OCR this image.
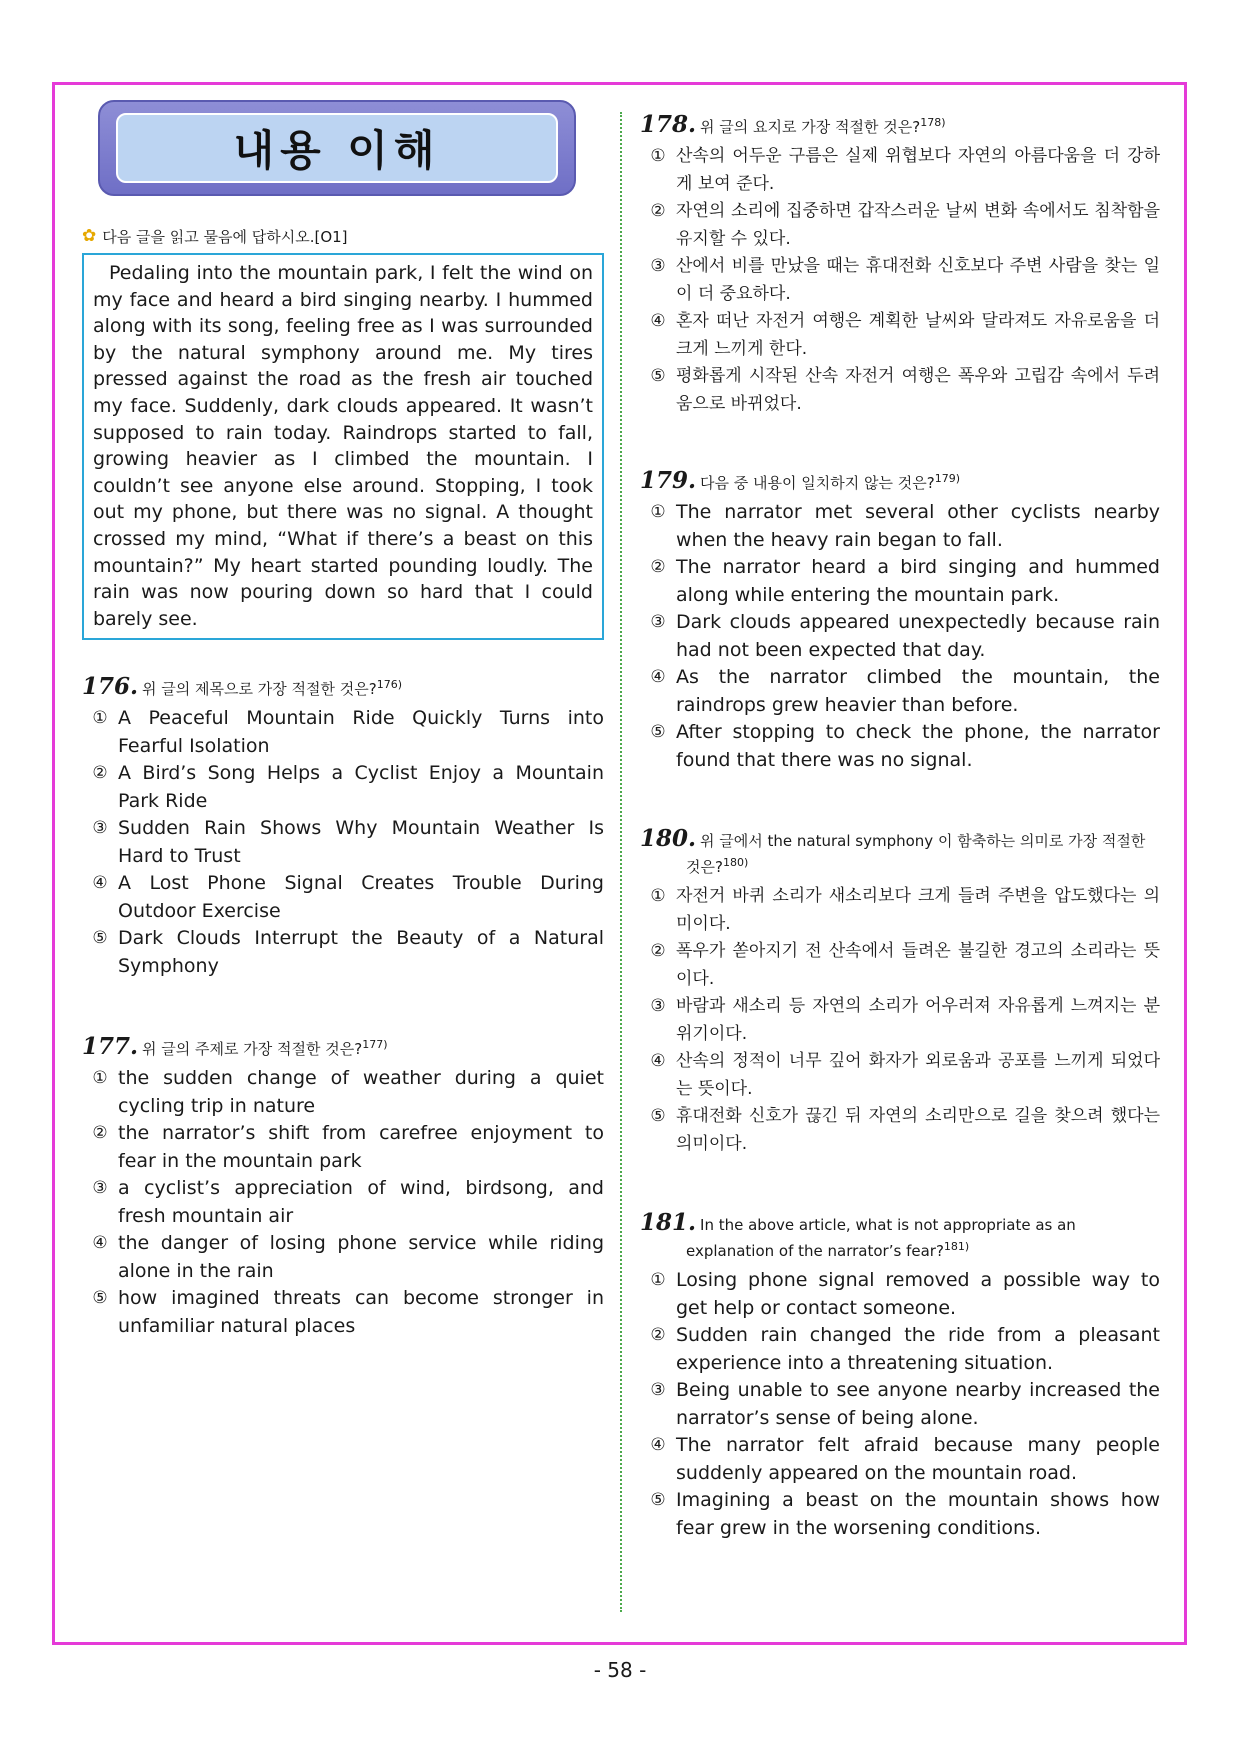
내용 이해
✿ 다음 글을 읽고 물음에 답하시오.[O1]

Pedaling into the mountain park, I felt the wind on my face and heard a bird singing nearby. I hummed along with its song, feeling free as I was surrounded by the natural symphony around me. My tires pressed against the road as the fresh air touched my face. Suddenly, dark clouds appeared. It wasn’t supposed to rain today. Raindrops started to fall, growing heavier as I climbed the mountain. I couldn’t see anyone else around. Stopping, I took out my phone, but there was no signal. A thought crossed my mind, “What if there’s a beast on this mountain?” My heart started pounding loudly. The rain was now pouring down so hard that I could barely see.

176. 위 글의 제목으로 가장 적절한 것은?$^{176)}$
① A Peaceful Mountain Ride Quickly Turns into Fearful Isolation
② A Bird’s Song Helps a Cyclist Enjoy a Mountain Park Ride
③ Sudden Rain Shows Why Mountain Weather Is Hard to Trust
④ A Lost Phone Signal Creates Trouble During Outdoor Exercise
⑤ Dark Clouds Interrupt the Beauty of a Natural Symphony
177. 위 글의 주제로 가장 적절한 것은?$^{177)}$
① the sudden change of weather during a quiet cycling trip in nature
② the narrator’s shift from carefree enjoyment to fear in the mountain park
③ a cyclist’s appreciation of wind, birdsong, and fresh mountain air
④ the danger of losing phone service while riding alone in the rain
⑤ how imagined threats can become stronger in unfamiliar natural places
178. 위 글의 요지로 가장 적절한 것은?$^{178)}$
① 산속의 어두운 구름은 실제 위협보다 자연의 아름다움을 더 강하게 보여 준다.
② 자연의 소리에 집중하면 갑작스러운 날씨 변화 속에서도 침착함을 유지할 수 있다.
③ 산에서 비를 만났을 때는 휴대전화 신호보다 주변 사람을 찾는 일이 더 중요하다.
④ 혼자 떠난 자전거 여행은 계획한 날씨와 달라져도 자유로움을 더 크게 느끼게 한다.
⑤ 평화롭게 시작된 산속 자전거 여행은 폭우와 고립감 속에서 두려움으로 바뀌었다.
179. 다음 중 내용이 일치하지 않는 것은?$^{179)}$
① The narrator met several other cyclists nearby when the heavy rain began to fall.
② The narrator heard a bird singing and hummed along while entering the mountain park.
③ Dark clouds appeared unexpectedly because rain had not been expected that day.
④ As the narrator climbed the mountain, the raindrops grew heavier than before.
⑤ After stopping to check the phone, the narrator found that there was no signal.
180. 위 글에서 the natural symphony 이 함축하는 의미로 가장 적절한 것은?$^{180)}$
① 자전거 바퀴 소리가 새소리보다 크게 들려 주변을 압도했다는 의미이다.
② 폭우가 쏟아지기 전 산속에서 들려온 불길한 경고의 소리라는 뜻이다.
③ 바람과 새소리 등 자연의 소리가 어우러져 자유롭게 느껴지는 분위기이다.
④ 산속의 정적이 너무 깊어 화자가 외로움과 공포를 느끼게 되었다는 뜻이다.
⑤ 휴대전화 신호가 끊긴 뒤 자연의 소리만으로 길을 찾으려 했다는 의미이다.
181. In the above article, what is not appropriate as an explanation of the narrator’s fear?$^{181)}$
① Losing phone signal removed a possible way to get help or contact someone.
② Sudden rain changed the ride from a pleasant experience into a threatening situation.
③ Being unable to see anyone nearby increased the narrator’s sense of being alone.
④ The narrator felt afraid because many people suddenly appeared on the mountain road.
⑤ Imagining a beast on the mountain shows how fear grew in the worsening conditions.
- 58 -
